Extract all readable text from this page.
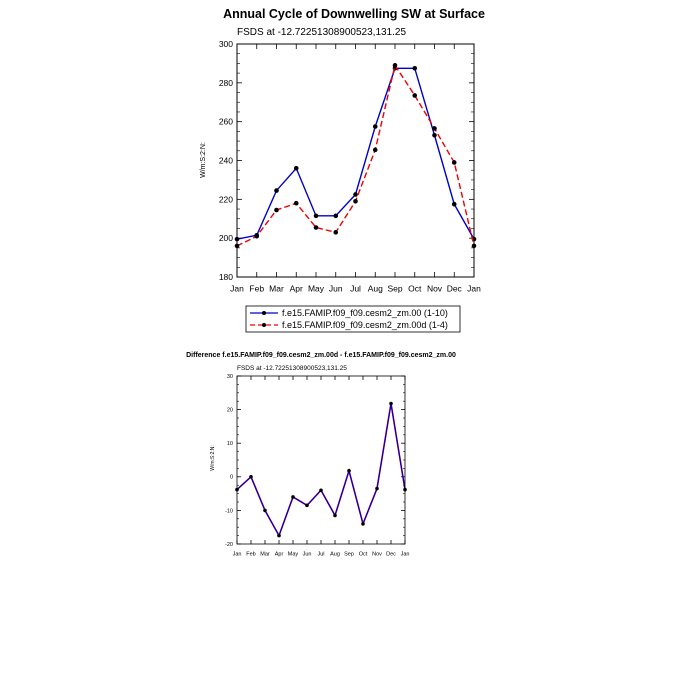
Annual Cycle of Downwelling SW at Surface
FSDS at -12.72251308900523,131.25
W/m:S:2:N:
180
200
220
240
260
280
300
Jan Feb Mar Apr May Jun Jul Aug Sep Oct Nov Dec Jan
f.e15.FAMIP.f09_f09.cesm2_zm.00 (1-10)
f.e15.FAMIP.f09_f09.cesm2_zm.00d (1-4)
Difference f.e15.FAMIP.f09_f09.cesm2_zm.00d - f.e15.FAMIP.f09_f09.cesm2_zm.00
FSDS at -12.72251308900523,131.25
W/m:S:2:N:
-20
-10
0
10
20
30
Jan Feb Mar Apr May Jun Jul Aug Sep Oct Nov Dec Jan
